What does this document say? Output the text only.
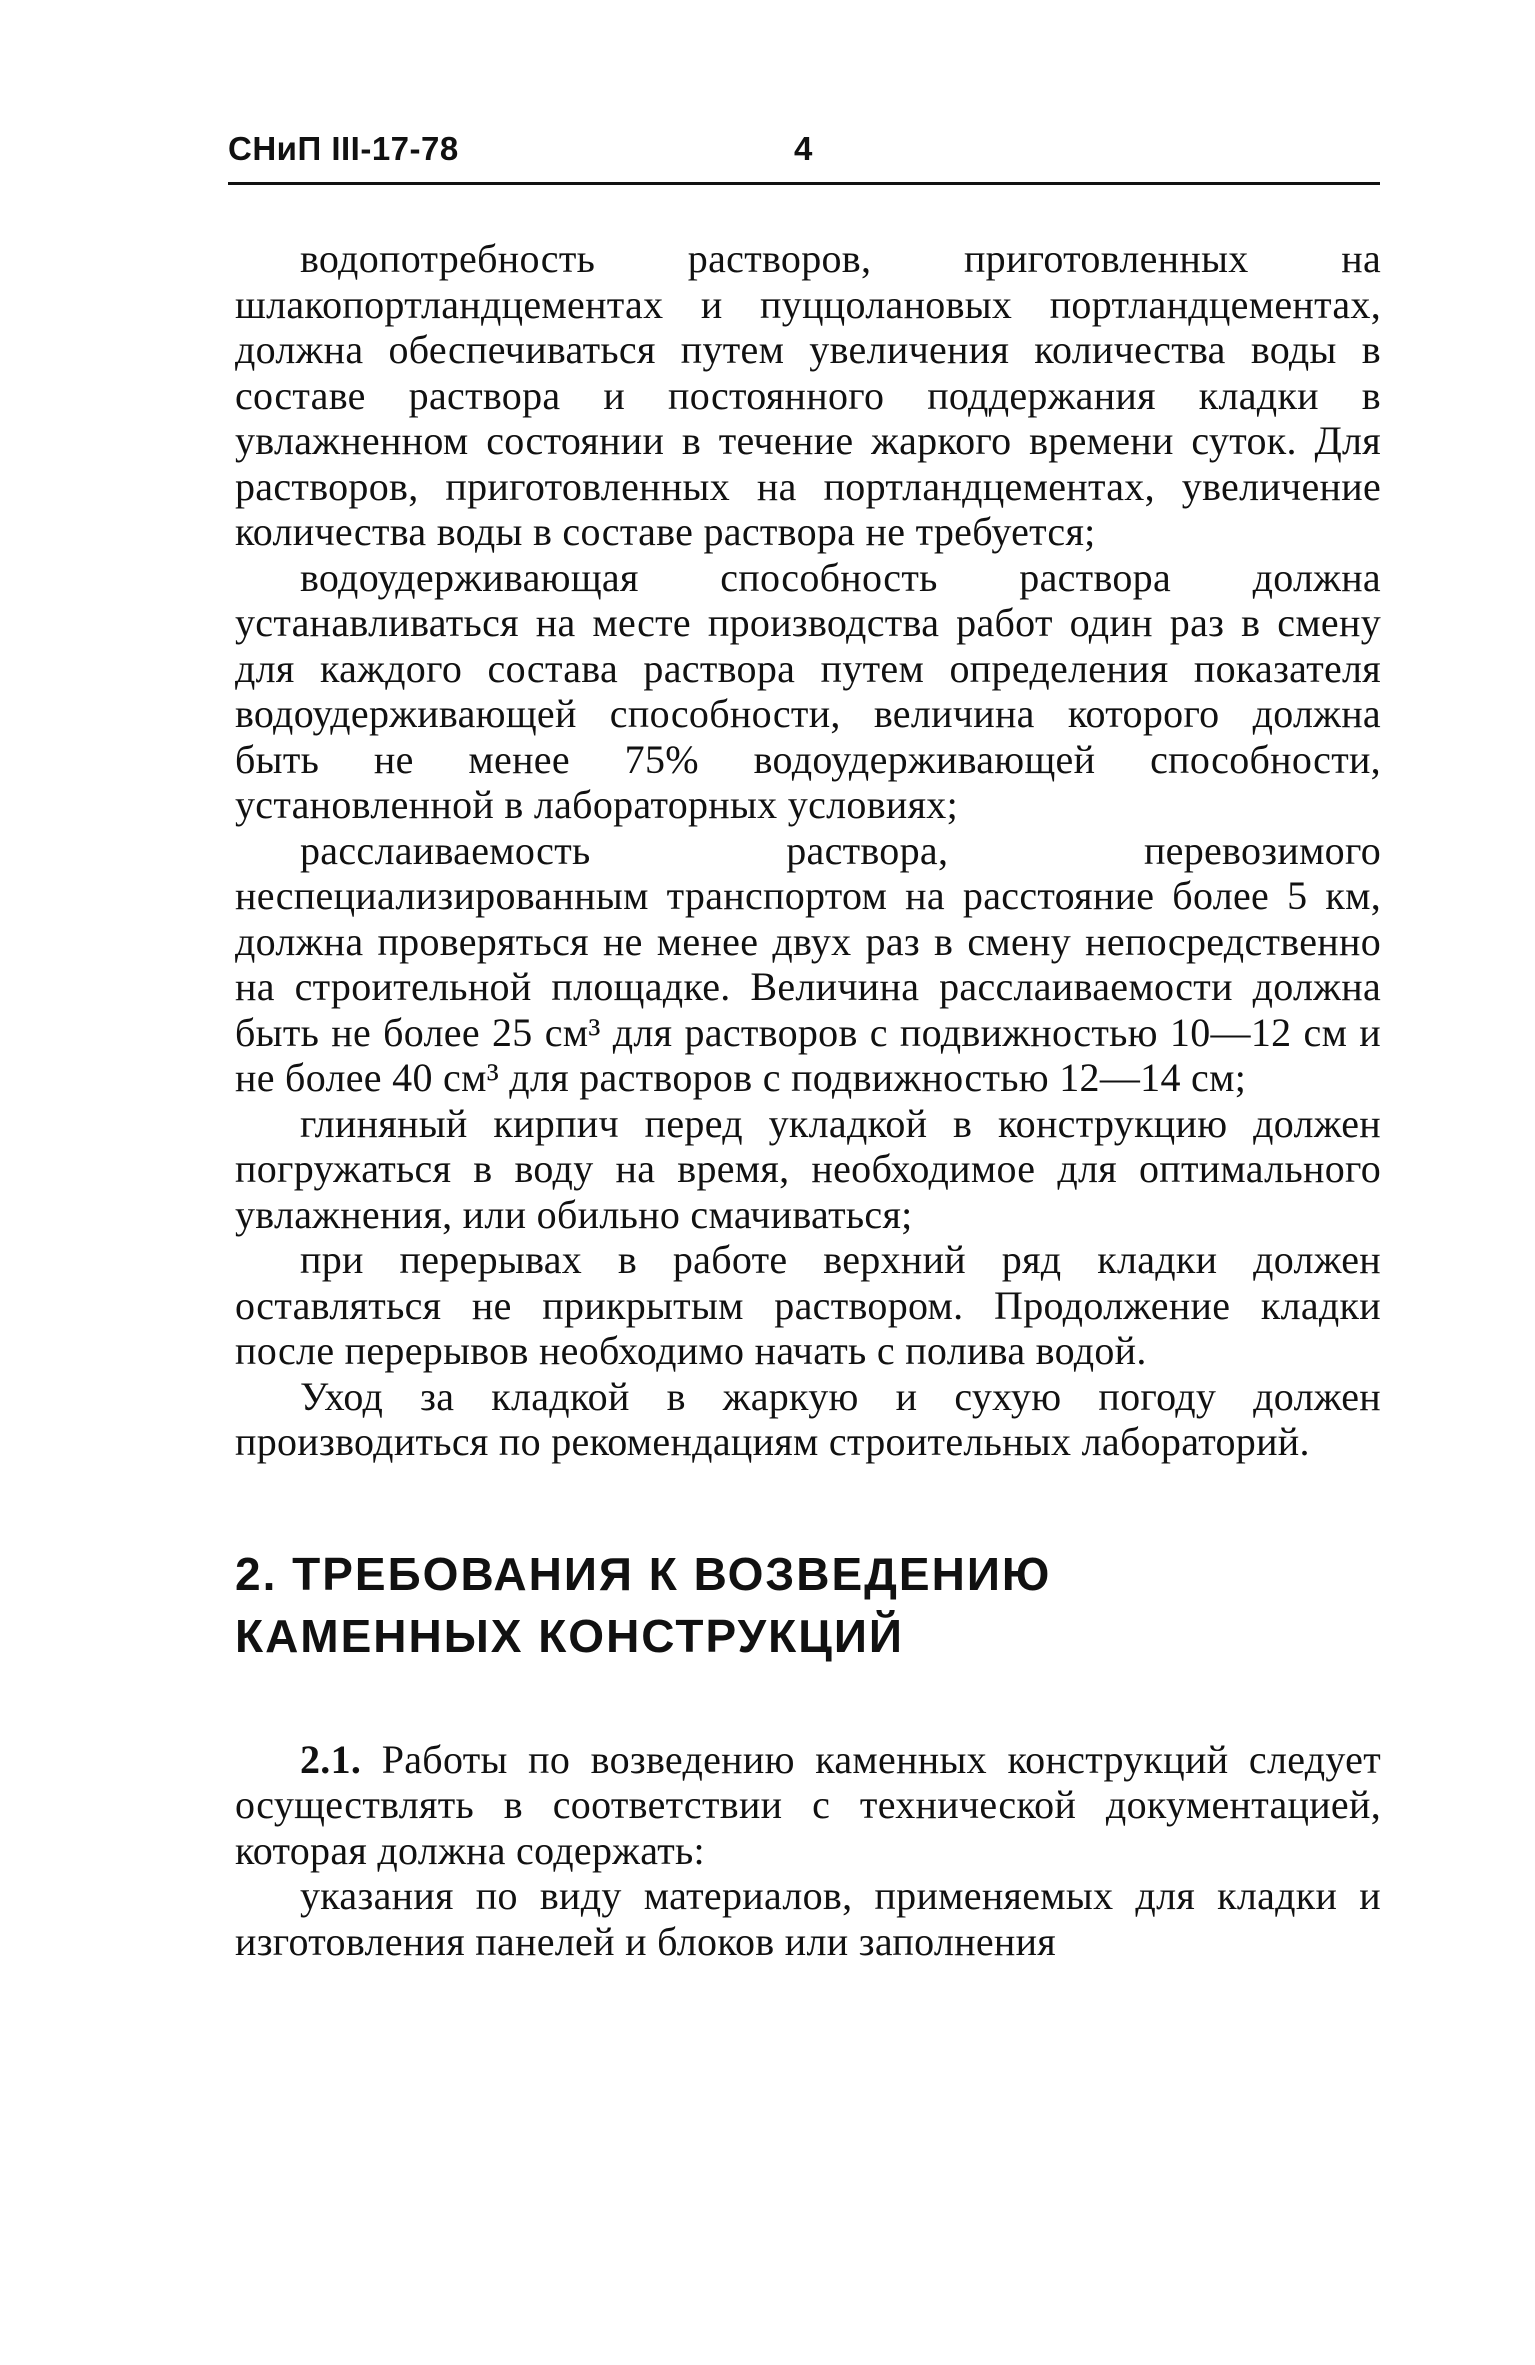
СНиП III-17-78	4

водопотребность растворов, приготовленных на шлакопортландцементах и пуццолановых портландцементах, должна обеспечиваться путем увеличения количества воды в составе раствора и постоянного поддержания кладки в увлажненном состоянии в течение жаркого времени суток. Для растворов, приготовленных на портландцементах, увеличение количества воды в составе раствора не требуется;

водоудерживающая способность раствора должна устанавливаться на месте производства работ один раз в смену для каждого состава раствора путем определения показателя водоудерживающей способности, величина которого должна быть не менее 75% водоудерживающей способности, установленной в лабораторных условиях;

расслаиваемость раствора, перевозимого неспециализированным транспортом на расстояние более 5 км, должна проверяться не менее двух раз в смену непосредственно на строительной площадке. Величина расслаиваемости должна быть не более 25 см³ для растворов с подвижностью 10—12 см и не более 40 см³ для растворов с подвижностью 12—14 см;

глиняный кирпич перед укладкой в конструкцию должен погружаться в воду на время, необходимое для оптимального увлажнения, или обильно смачиваться;

при перерывах в работе верхний ряд кладки должен оставляться не прикрытым раствором. Продолжение кладки после перерывов необходимо начать с полива водой.

Уход за кладкой в жаркую и сухую погоду должен производиться по рекомендациям строительных лабораторий.

2. ТРЕБОВАНИЯ К ВОЗВЕДЕНИЮ
КАМЕННЫХ КОНСТРУКЦИЙ

2.1. Работы по возведению каменных конструкций следует осуществлять в соответствии с технической документацией, которая должна содержать:

указания по виду материалов, применяемых для кладки и изготовления панелей и блоков или заполнения
